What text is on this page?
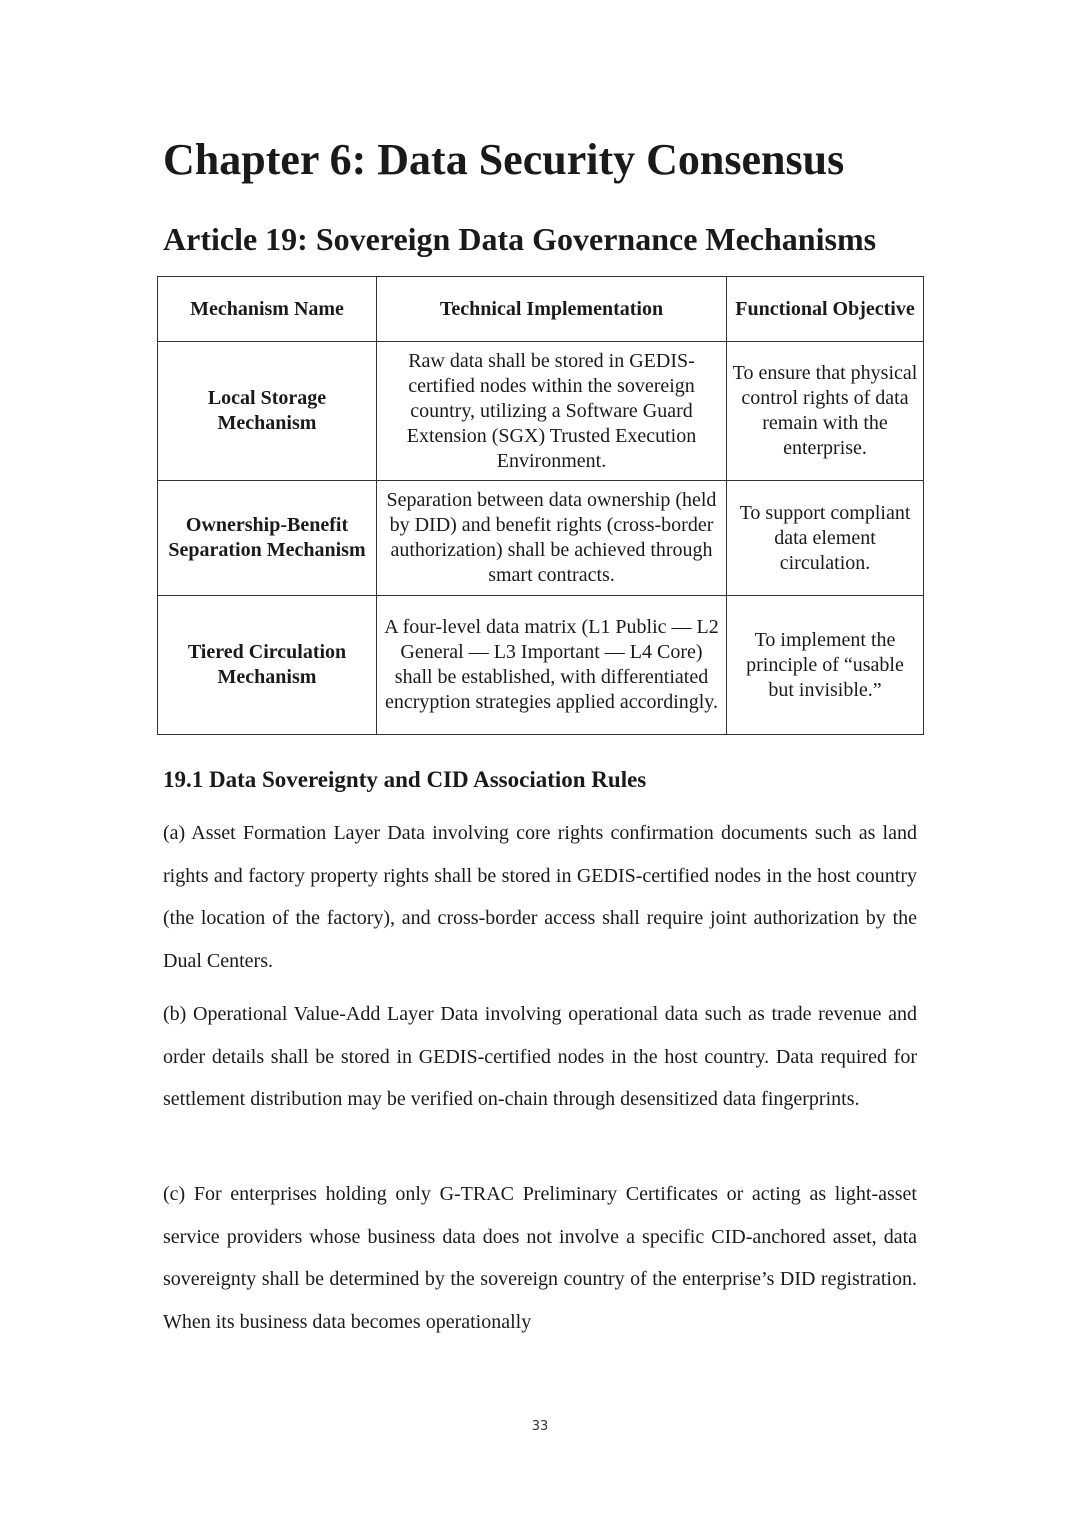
Chapter 6: Data Security Consensus
Article 19: Sovereign Data Governance Mechanisms
Mechanism Name	Technical Implementation	Functional Objective
Local Storage Mechanism	Raw data shall be stored in GEDIS-certified nodes within the sovereign country, utilizing a Software Guard Extension (SGX) Trusted Execution Environment.	To ensure that physical control rights of data remain with the enterprise.
Ownership-Benefit Separation Mechanism	Separation between data ownership (held by DID) and benefit rights (cross-border authorization) shall be achieved through smart contracts.	To support compliant data element circulation.
Tiered Circulation Mechanism	A four-level data matrix (L1 Public — L2 General — L3 Important — L4 Core) shall be established, with differentiated encryption strategies applied accordingly.	To implement the principle of “usable but invisible.”
19.1 Data Sovereignty and CID Association Rules

(a) Asset Formation Layer Data involving core rights confirmation documents such as land rights and factory property rights shall be stored in GEDIS-certified nodes in the host country (the location of the factory), and cross-border access shall require joint authorization by the Dual Centers.

(b) Operational Value-Add Layer Data involving operational data such as trade revenue and order details shall be stored in GEDIS-certified nodes in the host country. Data required for settlement distribution may be verified on-chain through desensitized data fingerprints.

(c) For enterprises holding only G-TRAC Preliminary Certificates or acting as light-asset service providers whose business data does not involve a specific CID-anchored asset, data sovereignty shall be determined by the sovereign country of the enterprise’s DID registration. When its business data becomes operationally

33
